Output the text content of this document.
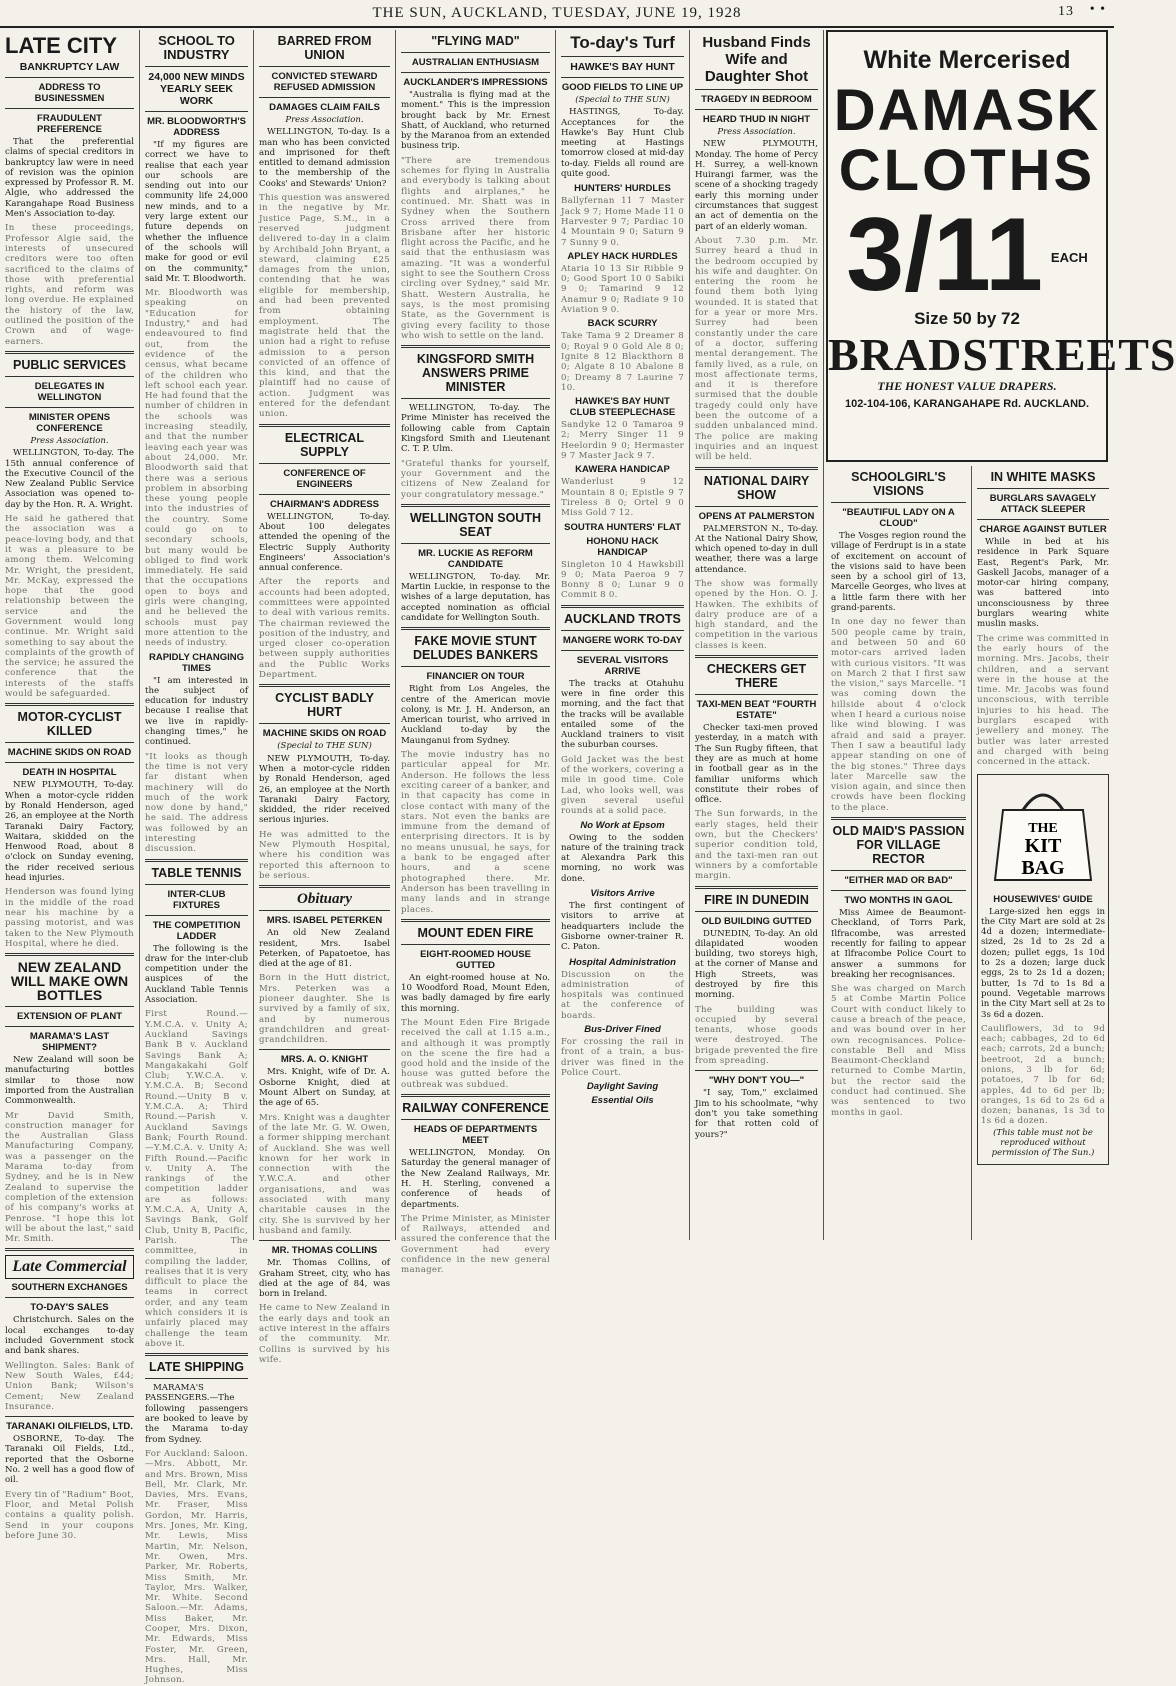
THE SUN, AUCKLAND, TUESDAY, JUNE 19, 1928	13 • •
LATE CITY
BANKRUPTCY LAW
ADDRESS TO BUSINESSMEN
FRAUDULENT PREFERENCE

That the preferential claims of special creditors in bankruptcy law were in need of revision was the opinion expressed by Professor R. M. Algie, who addressed the Karangahape Road Business Men's Association to-day.

In these proceedings, Professor Algie said, the interests of unsecured creditors were too often sacrificed to the claims of those with preferential rights, and reform was long overdue. He explained the history of the law, outlined the position of the Crown and of wage-earners.
PUBLIC SERVICES
DELEGATES IN WELLINGTON
MINISTER OPENS CONFERENCE
Press Association.

WELLINGTON, To-day. The 15th annual conference of the Executive Council of the New Zealand Public Service Association was opened to-day by the Hon. R. A. Wright.

He said he gathered that the association was a peace-loving body, and that it was a pleasure to be among them. Welcoming Mr. Wright, the president, Mr. McKay, expressed the hope that the good relationship between the service and the Government would long continue. Mr. Wright said something to say about the complaints of the growth of the service; he assured the conference that the interests of the staffs would be safeguarded.
MOTOR-CYCLIST KILLED
MACHINE SKIDS ON ROAD
DEATH IN HOSPITAL

NEW PLYMOUTH, To-day. When a motor-cycle ridden by Ronald Henderson, aged 26, an employee at the North Taranaki Dairy Factory, Waitara, skidded on the Henwood Road, about 8 o'clock on Sunday evening, the rider received serious head injuries.

Henderson was found lying in the middle of the road near his machine by a passing motorist, and was taken to the New Plymouth Hospital, where he died.
NEW ZEALAND WILL MAKE OWN BOTTLES
EXTENSION OF PLANT
MARAMA'S LAST SHIPMENT?

New Zealand will soon be manufacturing bottles similar to those now imported from the Australian Commonwealth.

Mr David Smith, construction manager for the Australian Glass Manufacturing Company, was a passenger on the Marama to-day from Sydney, and he is in New Zealand to supervise the completion of the extension of his company's works at Penrose. "I hope this lot will be about the last," said Mr. Smith.
Late Commercial
SOUTHERN EXCHANGES
TO-DAY'S SALES

Christchurch. Sales on the local exchanges to-day included Government stock and bank shares.

Wellington. Sales: Bank of New South Wales, £44; Union Bank; Wilson's Cement; New Zealand Insurance.
TARANAKI OILFIELDS, LTD.

OSBORNE, To-day. The Taranaki Oil Fields, Ltd., reported that the Osborne No. 2 well has a good flow of oil.

Every tin of "Radium" Boot, Floor, and Metal Polish contains a quality polish. Send in your coupons before June 30.
SCHOOL TO INDUSTRY
24,000 NEW MINDS YEARLY SEEK WORK
MR. BLOODWORTH'S ADDRESS

"If my figures are correct we have to realise that each year our schools are sending out into our community life 24,000 new minds, and to a very large extent our future depends on whether the influence of the schools will make for good or evil on the community," said Mr. T. Bloodworth.

Mr. Bloodworth was speaking on "Education for Industry," and had endeavoured to find out, from the evidence of the census, what became of the children who left school each year. He had found that the number of children in the schools was increasing steadily, and that the number leaving each year was about 24,000. Mr. Bloodworth said that there was a serious problem in absorbing these young people into the industries of the country. Some could go on to secondary schools, but many would be obliged to find work immediately. He said that the occupations open to boys and girls were changing, and he believed the schools must pay more attention to the needs of industry.
RAPIDLY CHANGING TIMES

"I am interested in the subject of education for industry because I realise that we live in rapidly-changing times," he continued.

"It looks as though the time is not very far distant when machinery will do much of the work now done by hand," he said. The address was followed by an interesting discussion.
TABLE TENNIS
INTER-CLUB FIXTURES
THE COMPETITION LADDER

The following is the draw for the inter-club competition under the auspices of the Auckland Table Tennis Association.

First Round.—Y.M.C.A. v. Unity A; Auckland Savings Bank B v. Auckland Savings Bank A; Mangakakahi Golf Club; Y.W.C.A. v. Y.M.C.A. B; Second Round.—Unity B v. Y.M.C.A. A; Third Round.—Parish v. Auckland Savings Bank; Fourth Round.—Y.M.C.A. v. Unity A; Fifth Round.—Pacific v. Unity A. The rankings of the competition ladder are as follows: Y.M.C.A. A, Unity A, Savings Bank, Golf Club, Unity B, Pacific, Parish. The committee, in compiling the ladder, realises that it is very difficult to place the teams in correct order, and any team which considers it is unfairly placed may challenge the team above it.
LATE SHIPPING

MARAMA'S PASSENGERS.—The following passengers are booked to leave by the Marama to-day from Sydney.

For Auckland: Saloon.—Mrs. Abbott, Mr. and Mrs. Brown, Miss Bell, Mr. Clark, Mr. Davies, Mrs. Evans, Mr. Fraser, Miss Gordon, Mr. Harris, Mrs. Jones, Mr. King, Mr. Lewis, Miss Martin, Mr. Nelson, Mr. Owen, Mrs. Parker, Mr. Roberts, Miss Smith, Mr. Taylor, Mrs. Walker, Mr. White. Second Saloon.—Mr. Adams, Miss Baker, Mr. Cooper, Mrs. Dixon, Mr. Edwards, Miss Foster, Mr. Green, Mrs. Hall, Mr. Hughes, Miss Johnson.
BARRED FROM UNION
CONVICTED STEWARD REFUSED ADMISSION
DAMAGES CLAIM FAILS
Press Association.

WELLINGTON, To-day. Is a man who has been convicted and imprisoned for theft entitled to demand admission to the membership of the Cooks' and Stewards' Union?

This question was answered in the negative by Mr. Justice Page, S.M., in a reserved judgment delivered to-day in a claim by Archibald John Bryant, a steward, claiming £25 damages from the union, contending that he was eligible for membership, and had been prevented from obtaining employment. The magistrate held that the union had a right to refuse admission to a person convicted of an offence of this kind, and that the plaintiff had no cause of action. Judgment was entered for the defendant union.
ELECTRICAL SUPPLY
CONFERENCE OF ENGINEERS
CHAIRMAN'S ADDRESS

WELLINGTON, To-day. About 100 delegates attended the opening of the Electric Supply Authority Engineers' Association's annual conference.

After the reports and accounts had been adopted, committees were appointed to deal with various remits. The chairman reviewed the position of the industry, and urged closer co-operation between supply authorities and the Public Works Department.
CYCLIST BADLY HURT
MACHINE SKIDS ON ROAD
(Special to THE SUN)

NEW PLYMOUTH, To-day. When a motor-cycle ridden by Ronald Henderson, aged 26, an employee at the North Taranaki Dairy Factory, skidded, the rider received serious injuries.

He was admitted to the New Plymouth Hospital, where his condition was reported this afternoon to be serious.
Obituary
MRS. ISABEL PETERKEN

An old New Zealand resident, Mrs. Isabel Peterken, of Papatoetoe, has died at the age of 81.

Born in the Hutt district, Mrs. Peterken was a pioneer daughter. She is survived by a family of six, and by numerous grandchildren and great-grandchildren.
MRS. A. O. KNIGHT

Mrs. Knight, wife of Dr. A. Osborne Knight, died at Mount Albert on Sunday, at the age of 65.

Mrs. Knight was a daughter of the late Mr. G. W. Owen, a former shipping merchant of Auckland. She was well known for her work in connection with the Y.W.C.A. and other organisations, and was associated with many charitable causes in the city. She is survived by her husband and family.
MR. THOMAS COLLINS

Mr. Thomas Collins, of Graham Street, city, who has died at the age of 84, was born in Ireland.

He came to New Zealand in the early days and took an active interest in the affairs of the community. Mr. Collins is survived by his wife.
"FLYING MAD"
AUSTRALIAN ENTHUSIASM
AUCKLANDER'S IMPRESSIONS

"Australia is flying mad at the moment." This is the impression brought back by Mr. Ernest Shatt, of Auckland, who returned by the Maranoa from an extended business trip.

"There are tremendous schemes for flying in Australia and everybody is talking about flights and airplanes," he continued. Mr. Shatt was in Sydney when the Southern Cross arrived there from Brisbane after her historic flight across the Pacific, and he said that the enthusiasm was amazing. "It was a wonderful sight to see the Southern Cross circling over Sydney," said Mr. Shatt. Western Australia, he says, is the most promising State, as the Government is giving every facility to those who wish to settle on the land.
KINGSFORD SMITH ANSWERS PRIME MINISTER

WELLINGTON, To-day. The Prime Minister has received the following cable from Captain Kingsford Smith and Lieutenant C. T. P. Ulm.

"Grateful thanks for yourself, your Government and the citizens of New Zealand for your congratulatory message."
WELLINGTON SOUTH SEAT
MR. LUCKIE AS REFORM CANDIDATE

WELLINGTON, To-day. Mr. Martin Luckie, in response to the wishes of a large deputation, has accepted nomination as official candidate for Wellington South.

FAKE MOVIE STUNT DELUDES BANKERS
FINANCIER ON TOUR

Right from Los Angeles, the centre of the American movie colony, is Mr. J. H. Anderson, an American tourist, who arrived in Auckland to-day by the Maunganui from Sydney.

The movie industry has no particular appeal for Mr. Anderson. He follows the less exciting career of a banker, and in that capacity has come in close contact with many of the stars. Not even the banks are immune from the demand of enterprising directors. It is by no means unusual, he says, for a bank to be engaged after hours, and a scene photographed there. Mr. Anderson has been travelling in many lands and in strange places.
MOUNT EDEN FIRE
EIGHT-ROOMED HOUSE GUTTED

An eight-roomed house at No. 10 Woodford Road, Mount Eden, was badly damaged by fire early this morning.

The Mount Eden Fire Brigade received the call at 1.15 a.m., and although it was promptly on the scene the fire had a good hold and the inside of the house was gutted before the outbreak was subdued.
RAILWAY CONFERENCE
HEADS OF DEPARTMENTS MEET

WELLINGTON, Monday. On Saturday the general manager of the New Zealand Railways, Mr. H. H. Sterling, convened a conference of heads of departments.

The Prime Minister, as Minister of Railways, attended and assured the conference that the Government had every confidence in the new general manager.
To-day's Turf
HAWKE'S BAY HUNT
GOOD FIELDS TO LINE UP
(Special to THE SUN)

HASTINGS, To-day. Acceptances for the Hawke's Bay Hunt Club meeting at Hastings tomorrow closed at mid-day to-day. Fields all round are quite good.

HUNTERS' HURDLES
Ballyfernan 11 7 Master Jack 9 7; Home Made 11 0 Harvester 9 7; Pardiac 10 4 Mountain 9 0; Saturn 9 7 Sunny 9 0.
APLEY HACK HURDLES
Ataria 10 13 Sir Ribble 9 0; Good Sport 10 0 Sabiki 9 0; Tamarind 9 12 Anamur 9 0; Radiate 9 10 Aviation 9 0.
BACK SCURRY
Take Tama 9 2 Dreamer 8 0; Royal 9 0 Gold Ale 8 0; Ignite 8 12 Blackthorn 8 0; Algate 8 10 Abalone 8 0; Dreamy 8 7 Laurine 7 10.
HAWKE'S BAY HUNT CLUB STEEPLECHASE
Sandyke 12 0 Tamaroa 9 2; Merry Singer 11 9 Heelordin 9 0; Hermaster 9 7 Master Jack 9 7.
KAWERA HANDICAP
Wanderlust 9 12 Mountain 8 0; Epistle 9 7 Tireless 8 0; Ortel 9 0 Miss Gold 7 12.
SOUTRA HUNTERS' FLAT
HOHONU HACK HANDICAP
Singleton 10 4 Hawksbill 9 0; Mata Paeroa 9 7 Bonny 8 0; Lunar 9 0 Commit 8 0.
AUCKLAND TROTS
MANGERE WORK TO-DAY
SEVERAL VISITORS ARRIVE

The tracks at Otahuhu were in fine order this morning, and the fact that the tracks will be available entailed some of the Auckland trainers to visit the suburban courses.

Gold Jacket was the best of the workers, covering a mile in good time. Cole Lad, who looks well, was given several useful rounds at a solid pace.
No Work at Epsom

Owing to the sodden nature of the training track at Alexandra Park this morning, no work was done.

Visitors Arrive

The first contingent of visitors to arrive at headquarters include the Gisborne owner-trainer R. C. Paton.

Hospital Administration
Discussion on the administration of hospitals was continued at the conference of boards.
Bus-Driver Fined
For crossing the rail in front of a train, a bus-driver was fined in the Police Court.
Daylight Saving
Essential Oils
Husband Finds Wife and Daughter Shot
TRAGEDY IN BEDROOM
HEARD THUD IN NIGHT
Press Association.

NEW PLYMOUTH, Monday. The home of Percy H. Surrey, a well-known Huirangi farmer, was the scene of a shocking tragedy early this morning under circumstances that suggest an act of dementia on the part of an elderly woman.

About 7.30 p.m. Mr. Surrey heard a thud in the bedroom occupied by his wife and daughter. On entering the room he found them both lying wounded. It is stated that for a year or more Mrs. Surrey had been constantly under the care of a doctor, suffering mental derangement. The family lived, as a rule, on most affectionate terms, and it is therefore surmised that the double tragedy could only have been the outcome of a sudden unbalanced mind. The police are making inquiries and an inquest will be held.
NATIONAL DAIRY SHOW
OPENS AT PALMERSTON

PALMERSTON N., To-day. At the National Dairy Show, which opened to-day in dull weather, there was a large attendance.

The show was formally opened by the Hon. O. J. Hawken. The exhibits of dairy produce are of a high standard, and the competition in the various classes is keen.
CHECKERS GET THERE
TAXI-MEN BEAT "FOURTH ESTATE"

Checker taxi-men proved yesterday, in a match with The Sun Rugby fifteen, that they are as much at home in football gear as in the familiar uniforms which constitute their robes of office.

The Sun forwards, in the early stages, held their own, but the Checkers' superior condition told, and the taxi-men ran out winners by a comfortable margin.
FIRE IN DUNEDIN
OLD BUILDING GUTTED

DUNEDIN, To-day. An old dilapidated wooden building, two storeys high, at the corner of Manse and High Streets, was destroyed by fire this morning.

The building was occupied by several tenants, whose goods were destroyed. The brigade prevented the fire from spreading.
"WHY DON'T YOU—"

"I say, Tom," exclaimed Jim to his schoolmate, "why don't you take something for that rotten cold of yours?"

White Mercerised
DAMASK
CLOTHS
3/11 EACH
Size 50 by 72
BRADSTREETS
THE HONEST VALUE DRAPERS.
102-104-106, KARANGAHAPE Rd. AUCKLAND.
SCHOOLGIRL'S VISIONS
"BEAUTIFUL LADY ON A CLOUD"

The Vosges region round the village of Ferdrupt is in a state of excitement on account of the visions said to have been seen by a school girl of 13, Marcelle Georges, who lives at a little farm there with her grand-parents.

In one day no fewer than 500 people came by train, and between 50 and 60 motor-cars arrived laden with curious visitors. "It was on March 2 that I first saw the vision," says Marcelle. "I was coming down the hillside about 4 o'clock when I heard a curious noise like wind blowing. I was afraid and said a prayer. Then I saw a beautiful lady appear standing on one of the big stones." Three days later Marcelle saw the vision again, and since then crowds have been flocking to the place.
OLD MAID'S PASSION FOR VILLAGE RECTOR
"EITHER MAD OR BAD"
TWO MONTHS IN GAOL

Miss Aimee de Beaumont-Checkland, of Torrs Park, Ilfracombe, was arrested recently for failing to appear at Ilfracombe Police Court to answer a summons for breaking her recognisances.

She was charged on March 5 at Combe Martin Police Court with conduct likely to cause a breach of the peace, and was bound over in her own recognisances. Police-constable Bell and Miss Beaumont-Checkland returned to Combe Martin, but the rector said the conduct had continued. She was sentenced to two months in gaol.
IN WHITE MASKS
BURGLARS SAVAGELY ATTACK SLEEPER
CHARGE AGAINST BUTLER

While in bed at his residence in Park Square East, Regent's Park, Mr. Gaskell Jacobs, manager of a motor-car hiring company, was battered into unconsciousness by three burglars wearing white muslin masks.

The crime was committed in the early hours of the morning. Mrs. Jacobs, their children, and a servant were in the house at the time. Mr. Jacobs was found unconscious, with terrible injuries to his head. The burglars escaped with jewellery and money. The butler was later arrested and charged with being concerned in the attack.
THE
KIT
BAG
HOUSEWIVES' GUIDE

Large-sized hen eggs in the City Mart are sold at 2s 4d a dozen; intermediate-sized, 2s 1d to 2s 2d a dozen; pullet eggs, 1s 10d to 2s a dozen; large duck eggs, 2s to 2s 1d a dozen; butter, 1s 7d to 1s 8d a pound. Vegetable marrows in the City Mart sell at 2s to 3s 6d a dozen.

Cauliflowers, 3d to 9d each; cabbages, 2d to 6d each; carrots, 2d a bunch; beetroot, 2d a bunch; onions, 3 lb for 6d; potatoes, 7 lb for 6d; apples, 4d to 6d per lb; oranges, 1s 6d to 2s 6d a dozen; bananas, 1s 3d to 1s 6d a dozen.
(This table must not be reproduced without permission of The Sun.)
